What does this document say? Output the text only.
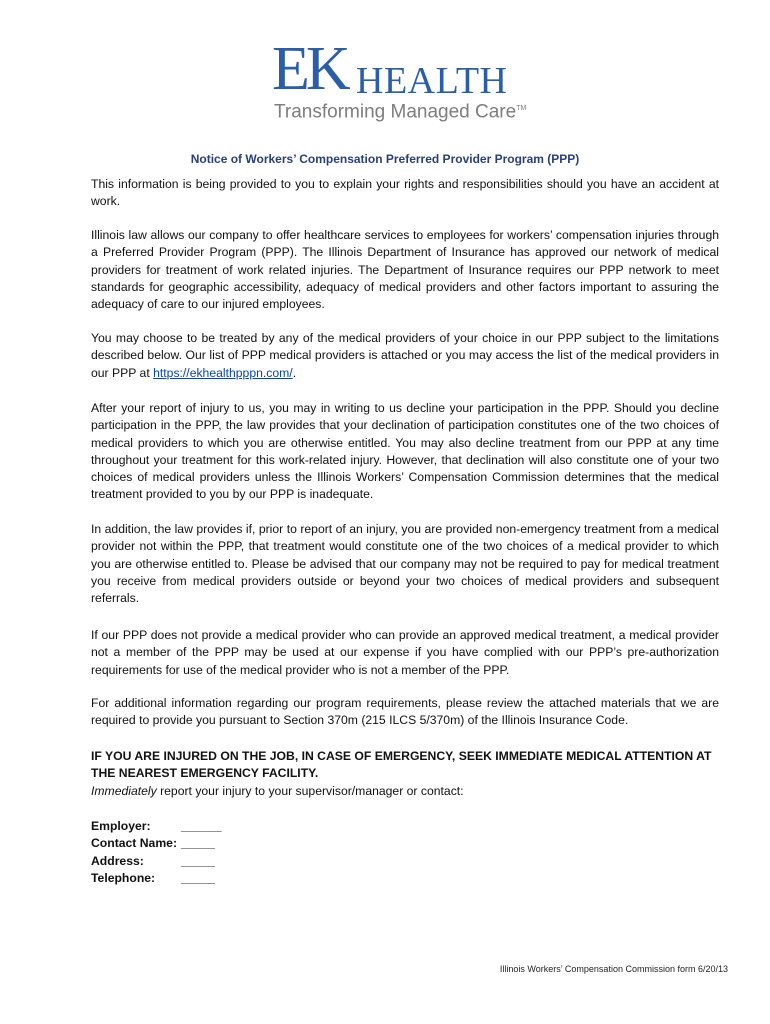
EK HEALTH
Transforming Managed Care™
Notice of Workers’ Compensation Preferred Provider Program (PPP)

This information is being provided to you to explain your rights and responsibilities should you have an accident at work.

Illinois law allows our company to offer healthcare services to employees for workers’ compensation injuries through a Preferred Provider Program (PPP). The Illinois Department of Insurance has approved our network of medical providers for treatment of work related injuries. The Department of Insurance requires our PPP network to meet standards for geographic accessibility, adequacy of medical providers and other factors important to assuring the adequacy of care to our injured employees.

You may choose to be treated by any of the medical providers of your choice in our PPP subject to the limitations described below. Our list of PPP medical providers is attached or you may access the list of the medical providers in our PPP at https://ekhealthpppn.com/.

After your report of injury to us, you may in writing to us decline your participation in the PPP. Should you decline participation in the PPP, the law provides that your declination of participation constitutes one of the two choices of medical providers to which you are otherwise entitled. You may also decline treatment from our PPP at any time throughout your treatment for this work-related injury. However, that declination will also constitute one of your two choices of medical providers unless the Illinois Workers’ Compensation Commission determines that the medical treatment provided to you by our PPP is inadequate.

In addition, the law provides if, prior to report of an injury, you are provided non-emergency treatment from a medical provider not within the PPP, that treatment would constitute one of the two choices of a medical provider to which you are otherwise entitled to. Please be advised that our company may not be required to pay for medical treatment you receive from medical providers outside or beyond your two choices of medical providers and subsequent referrals.

If our PPP does not provide a medical provider who can provide an approved medical treatment, a medical provider not a member of the PPP may be used at our expense if you have complied with our PPP’s pre-authorization requirements for use of the medical provider who is not a member of the PPP.

For additional information regarding our program requirements, please review the attached materials that we are required to provide you pursuant to Section 370m (215 ILCS 5/370m) of the Illinois Insurance Code.

IF YOU ARE INJURED ON THE JOB, IN CASE OF EMERGENCY, SEEK IMMEDIATE MEDICAL ATTENTION AT THE NEAREST EMERGENCY FACILITY.

Immediately report your injury to your supervisor/manager or contact:

Employer:	______
Contact Name: _____
Address:	_____
Telephone:	_____
Illinois Workers’ Compensation Commission form 6/20/13
